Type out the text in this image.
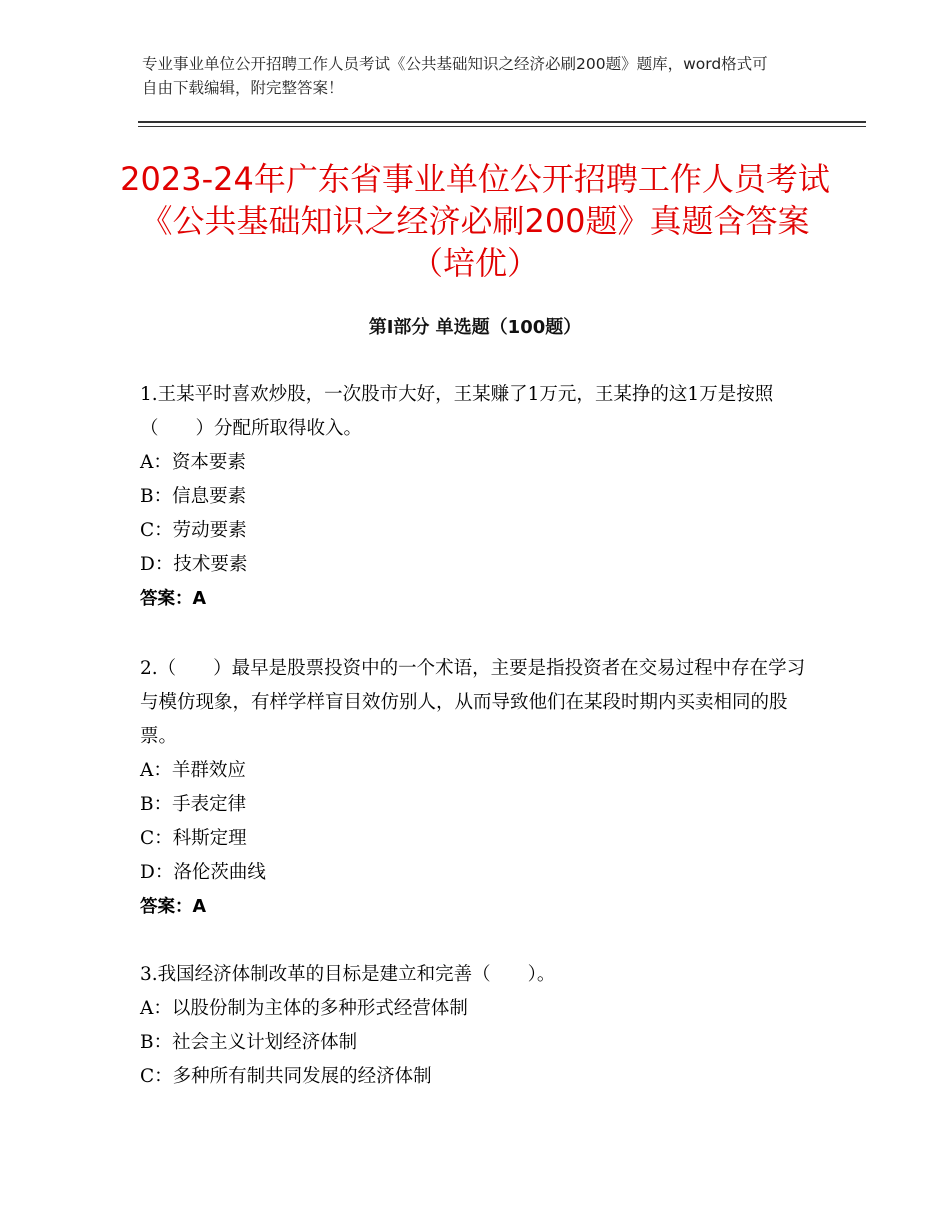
专业事业单位公开招聘工作人员考试《公共基础知识之经济必刷200题》题库，word格式可自由下载编辑，附完整答案！
2023-24年广东省事业单位公开招聘工作人员考试《公共基础知识之经济必刷200题》真题含答案（培优）
第Ⅰ部分 单选题（100题）

1.王某平时喜欢炒股，一次股市大好，王某赚了1万元，王某挣的这1万是按照（　　）分配所取得收入。

A：资本要素

B：信息要素

C：劳动要素

D：技术要素

答案：A

2.（　　）最早是股票投资中的一个术语，主要是指投资者在交易过程中存在学习与模仿现象，有样学样盲目效仿别人，从而导致他们在某段时期内买卖相同的股票。

A：羊群效应

B：手表定律

C：科斯定理

D：洛伦茨曲线

答案：A

3.我国经济体制改革的目标是建立和完善（　　）。

A：以股份制为主体的多种形式经营体制

B：社会主义计划经济体制

C：多种所有制共同发展的经济体制
